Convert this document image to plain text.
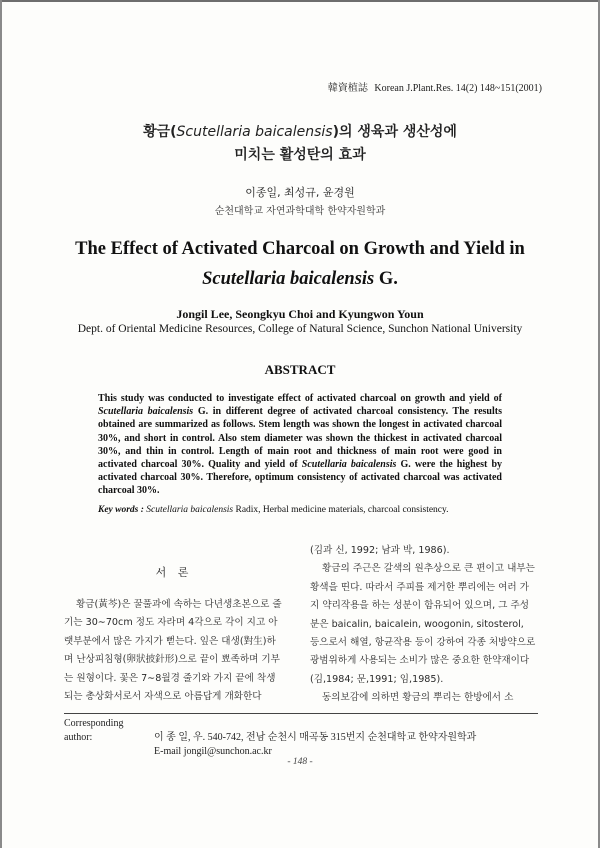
韓資植誌 Korean J.Plant.Res. 14(2) 148~151(2001)
황금(Scutellaria baicalensis)의 생육과 생산성에
미치는 활성탄의 효과
이종일, 최성규, 윤경원
순천대학교 자연과학대학 한약자원학과
The Effect of Activated Charcoal on Growth and Yield in
Scutellaria baicalensis G.
Jongil Lee, Seongkyu Choi and Kyungwon Youn
Dept. of Oriental Medicine Resources, College of Natural Science, Sunchon National University
ABSTRACT
This study was conducted to investigate effect of activated charcoal on growth and yield of Scutellaria baicalensis G. in different degree of activated charcoal consistency. The results obtained are summarized as follows. Stem length was shown the longest in activated charcoal 30%, and short in control. Also stem diameter was shown the thickest in activated charcoal 30%, and thin in control. Length of main root and thickness of main root were good in activated charcoal 30%. Quality and yield of Scutellaria baicalensis G. were the highest by activated charcoal 30%. Therefore, optimum consistency of activated charcoal was activated charcoal 30%.
Key words : Scutellaria baicalensis Radix, Herbal medicine materials, charcoal consistency.
서 론

황금(黃芩)은 꿀풀과에 속하는 다년생초본으로 줄기는 30∼70cm 정도 자라며 4각으로 각이 지고 아랫부분에서 많은 가지가 뻗는다. 잎은 대생(對生)하며 난상피침형(卵狀披針形)으로 끝이 뾰족하며 기부는 원형이다. 꽃은 7∼8월경 줄기와 가지 끝에 착생되는 총상화서로서 자색으로 아름답게 개화한다

(김과 신, 1992; 남과 박, 1986).

황금의 주근은 갈색의 원추상으로 큰 편이고 내부는 황색을 띤다. 따라서 주피를 제거한 뿌리에는 여러 가지 약리작용을 하는 성분이 함유되어 있으며, 그 주성분은 baicalin, baicalein, woogonin, sitosterol, 등으로서 해열, 항균작용 등이 강하여 각종 처방약으로 광범위하게 사용되는 소비가 많은 중요한 한약재이다(김,1984; 문,1991; 임,1985).

동의보감에 의하면 황금의 뿌리는 한방에서 소

Corresponding author:	이 종 일, 우. 540-742, 전남 순천시 매곡동 315번지 순천대학교 한약자원학과
E-mail jongil@sunchon.ac.kr
- 148 -
